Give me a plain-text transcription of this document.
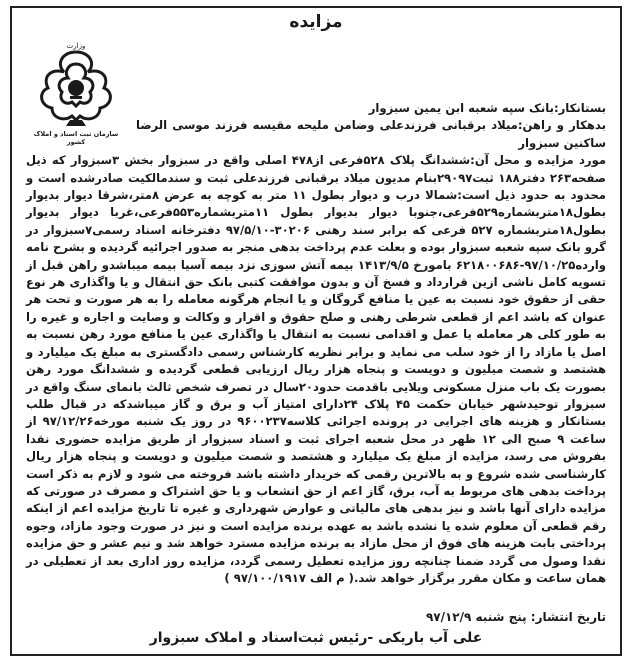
مزایده
وزارت
سازمان ثبت اسناد و املاک کشور

بستانکار:بانک سپه شعبه ابن یمین سبزوار

بدهکار و راهن:میلاد برقبانی فرزندعلی وضامن ملیحه مقیسه فرزند موسی الرضا ساکنین سبزوار

مورد مزایده و محل آن:ششدانگ پلاک ۵۲۸فرعی از۴۷۸ اصلی واقع در سبزوار بخش ۳سبزوار که ذیل صفحه۲۶۳ دفتر۱۸۸ ثبت۲۹۰۹۷بنام مدیون میلاد برقبانی فرزندعلی ثبت و سندمالکیت صادرشده است و محدود به حدود ذیل است:شمالا درب و دیوار بطول ۱۱ متر به کوچه به عرض ۸متر،شرقا دیوار بدیوار بطول۱۸متربشماره۵۲۹فرعی،جنوبا دیوار بدیوار بطول ۱۱متربشماره۵۵۳فرعی،غربا دیوار بدیوار بطول۱۸متربشماره ۵۲۷ فرعی که برابر سند رهنی ۳۰۲۰۶-۹۷/۵/۱۰ دفترخانه اسناد رسمی۷سبزوار در گرو بانک سپه شعبه سبزوار بوده و بعلت عدم پرداخت بدهی منجر به صدور اجرائیه گردیده و بشرح نامه وارده۹۷/۱۰/۲۵-۶۲۱۸۰۰۶۸۶ بامورخ ۱۴۱۳/۹/۵ بیمه آتش سوزی نزد بیمه آسیا بیمه میباشدو راهن قبل از تسویه کامل ناشی ازین قرارداد و فسخ آن و بدون موافقت کتبی بانک حق انتقال و یا واگذاری هر نوع حقی از حقوق خود نسبت به عین یا منافع گروگان و یا انجام هرگونه معامله را به هر صورت و تحت هر عنوان که باشد اعم از قطعی شرطی رهنی و صلح حقوق و اقرار و وکالت و وصایت و اجاره و غیره را به طور کلی هر معامله یا عمل و اقدامی نسبت به انتقال یا واگذاری عین یا منافع مورد رهن نسبت به اصل یا مازاد را از خود سلب می نماید و برابر نظریه کارشناس رسمی دادگستری به مبلغ یک میلیارد و هشتصد و شصت میلیون و دویست و پنجاه هزار ریال ارزیابی قطعی گردیده و ششدانگ مورد رهن بصورت یک باب منزل مسکونی ویلایی باقدمت حدود۲۰سال در تصرف شخص ثالث بانمای سنگ واقع در سبزوار توحیدشهر خیابان حکمت ۴۵ پلاک ۲۴دارای امتیاز آب و برق و گاز میباشدکه در قبال طلب بستانکار و هزینه های اجرایی در پرونده اجرائی کلاسه۹۶۰۰۲۳۷ در روز یک شنبه مورخه۹۷/۱۲/۲۶ از ساعت ۹ صبح الی ۱۲ ظهر در محل شعبه اجرای ثبت و اسناد سبزوار از طریق مزایده حضوری نقدا بفروش می رسد، مزایده از مبلغ یک میلیارد و هشتصد و شصت میلیون و دویست و پنجاه هزار ریال کارشناسی شده شروع و به بالاترین رقمی که خریدار داشته باشد فروخته می شود و لازم به ذکر است پرداخت بدهی های مربوط به آب، برق، گاز اعم از حق انشعاب و یا حق اشتراک و مصرف در صورتی که مزایده دارای آنها باشد و نیز بدهی های مالیاتی و عوارض شهرداری و غیره تا تاریخ مزایده اعم از اینکه رقم قطعی آن معلوم شده یا نشده باشد به عهده برنده مزایده است و نیز در صورت وجود مازاد، وجوه پرداختی بابت هزینه های فوق از محل مازاد به برنده مزایده مسترد خواهد شد و نیم عشر و حق مزایده نقدا وصول می گردد ضمنا چنانچه روز مزایده تعطیل رسمی گردد، مزایده روز اداری بعد از تعطیلی در همان ساعت و مکان مقرر برگزار خواهد شد.( م الف ۹۷/۱۰۰/۱۹۱۷ )

تاریخ انتشار: پنج شنبه ۹۷/۱۲/۹
علی آب باریکی -رئیس ثبت‌اسناد و املاک سبزوار
